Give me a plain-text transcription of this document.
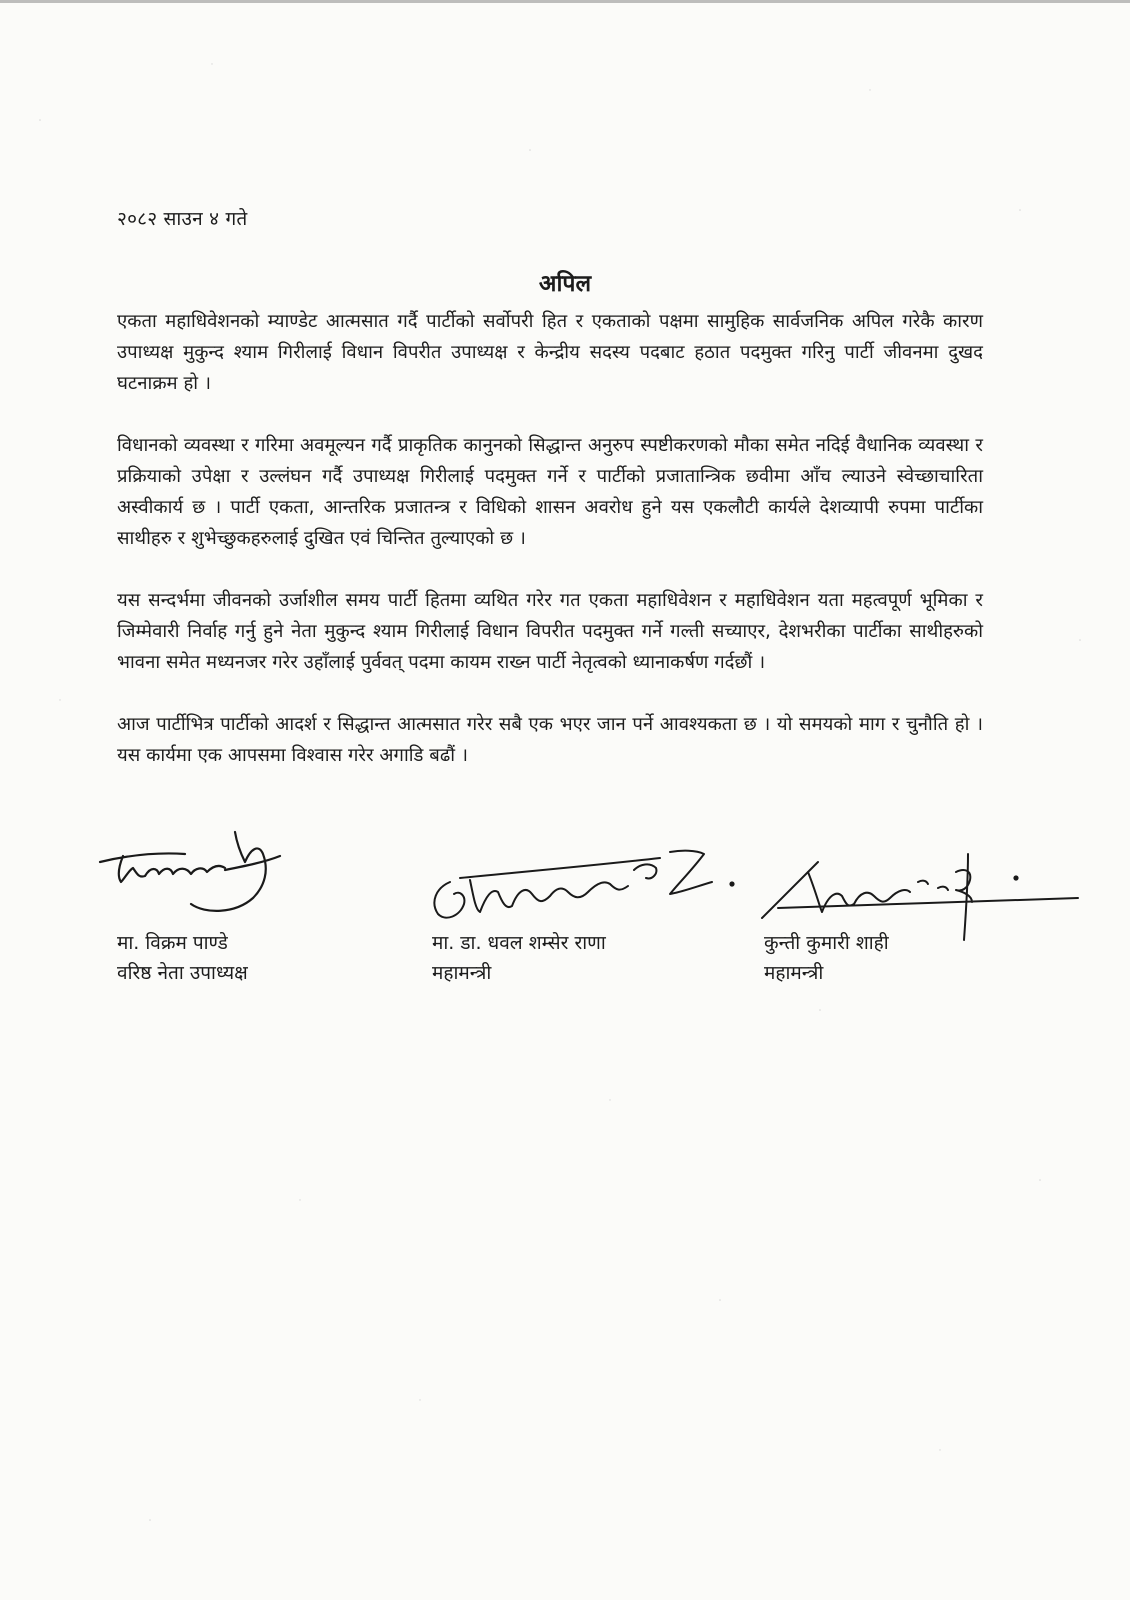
२०८२ साउन ४ गते
अपिल

एकता महाधिवेशनको म्याण्डेट आत्मसात गर्दै पार्टीको सर्वोपरी हित र एकताको पक्षमा सामुहिक सार्वजनिक अपिल गरेकै कारण उपाध्यक्ष मुकुन्द श्याम गिरीलाई विधान विपरीत उपाध्यक्ष र केन्द्रीय सदस्य पदबाट हठात पदमुक्त गरिनु पार्टी जीवनमा दुखद घटनाक्रम हो ।

विधानको व्यवस्था र गरिमा अवमूल्यन गर्दै प्राकृतिक कानुनको सिद्धान्त अनुरुप स्पष्टीकरणको मौका समेत नदिई वैधानिक व्यवस्था र प्रक्रियाको उपेक्षा र उल्लंघन गर्दै उपाध्यक्ष गिरीलाई पदमुक्त गर्ने र पार्टीको प्रजातान्त्रिक छवीमा आँच ल्याउने स्वेच्छाचारिता अस्वीकार्य छ । पार्टी एकता, आन्तरिक प्रजातन्त्र र विधिको शासन अवरोध हुने यस एकलौटी कार्यले देशव्यापी रुपमा पार्टीका साथीहरु र शुभेच्छुकहरुलाई दुखित एवं चिन्तित तुल्याएको छ ।

यस सन्दर्भमा जीवनको उर्जाशील समय पार्टी हितमा व्यथित गरेर गत एकता महाधिवेशन र महाधिवेशन यता महत्वपूर्ण भूमिका र जिम्मेवारी निर्वाह गर्नु हुने नेता मुकुन्द श्याम गिरीलाई विधान विपरीत पदमुक्त गर्ने गल्ती सच्याएर, देशभरीका पार्टीका साथीहरुको भावना समेत मध्यनजर गरेर उहाँलाई पुर्ववत् पदमा कायम राख्न पार्टी नेतृत्वको ध्यानाकर्षण गर्दछौं ।

आज पार्टीभित्र पार्टीको आदर्श र सिद्धान्त आत्मसात गरेर सबै एक भएर जान पर्ने आवश्यकता छ । यो समयको माग र चुनौति हो । यस कार्यमा एक आपसमा विश्वास गरेर अगाडि बढौं ।

मा. विक्रम पाण्डे
वरिष्ठ नेता उपाध्यक्ष
मा. डा. धवल शम्सेर राणा
महामन्त्री
कुन्ती कुमारी शाही
महामन्त्री
